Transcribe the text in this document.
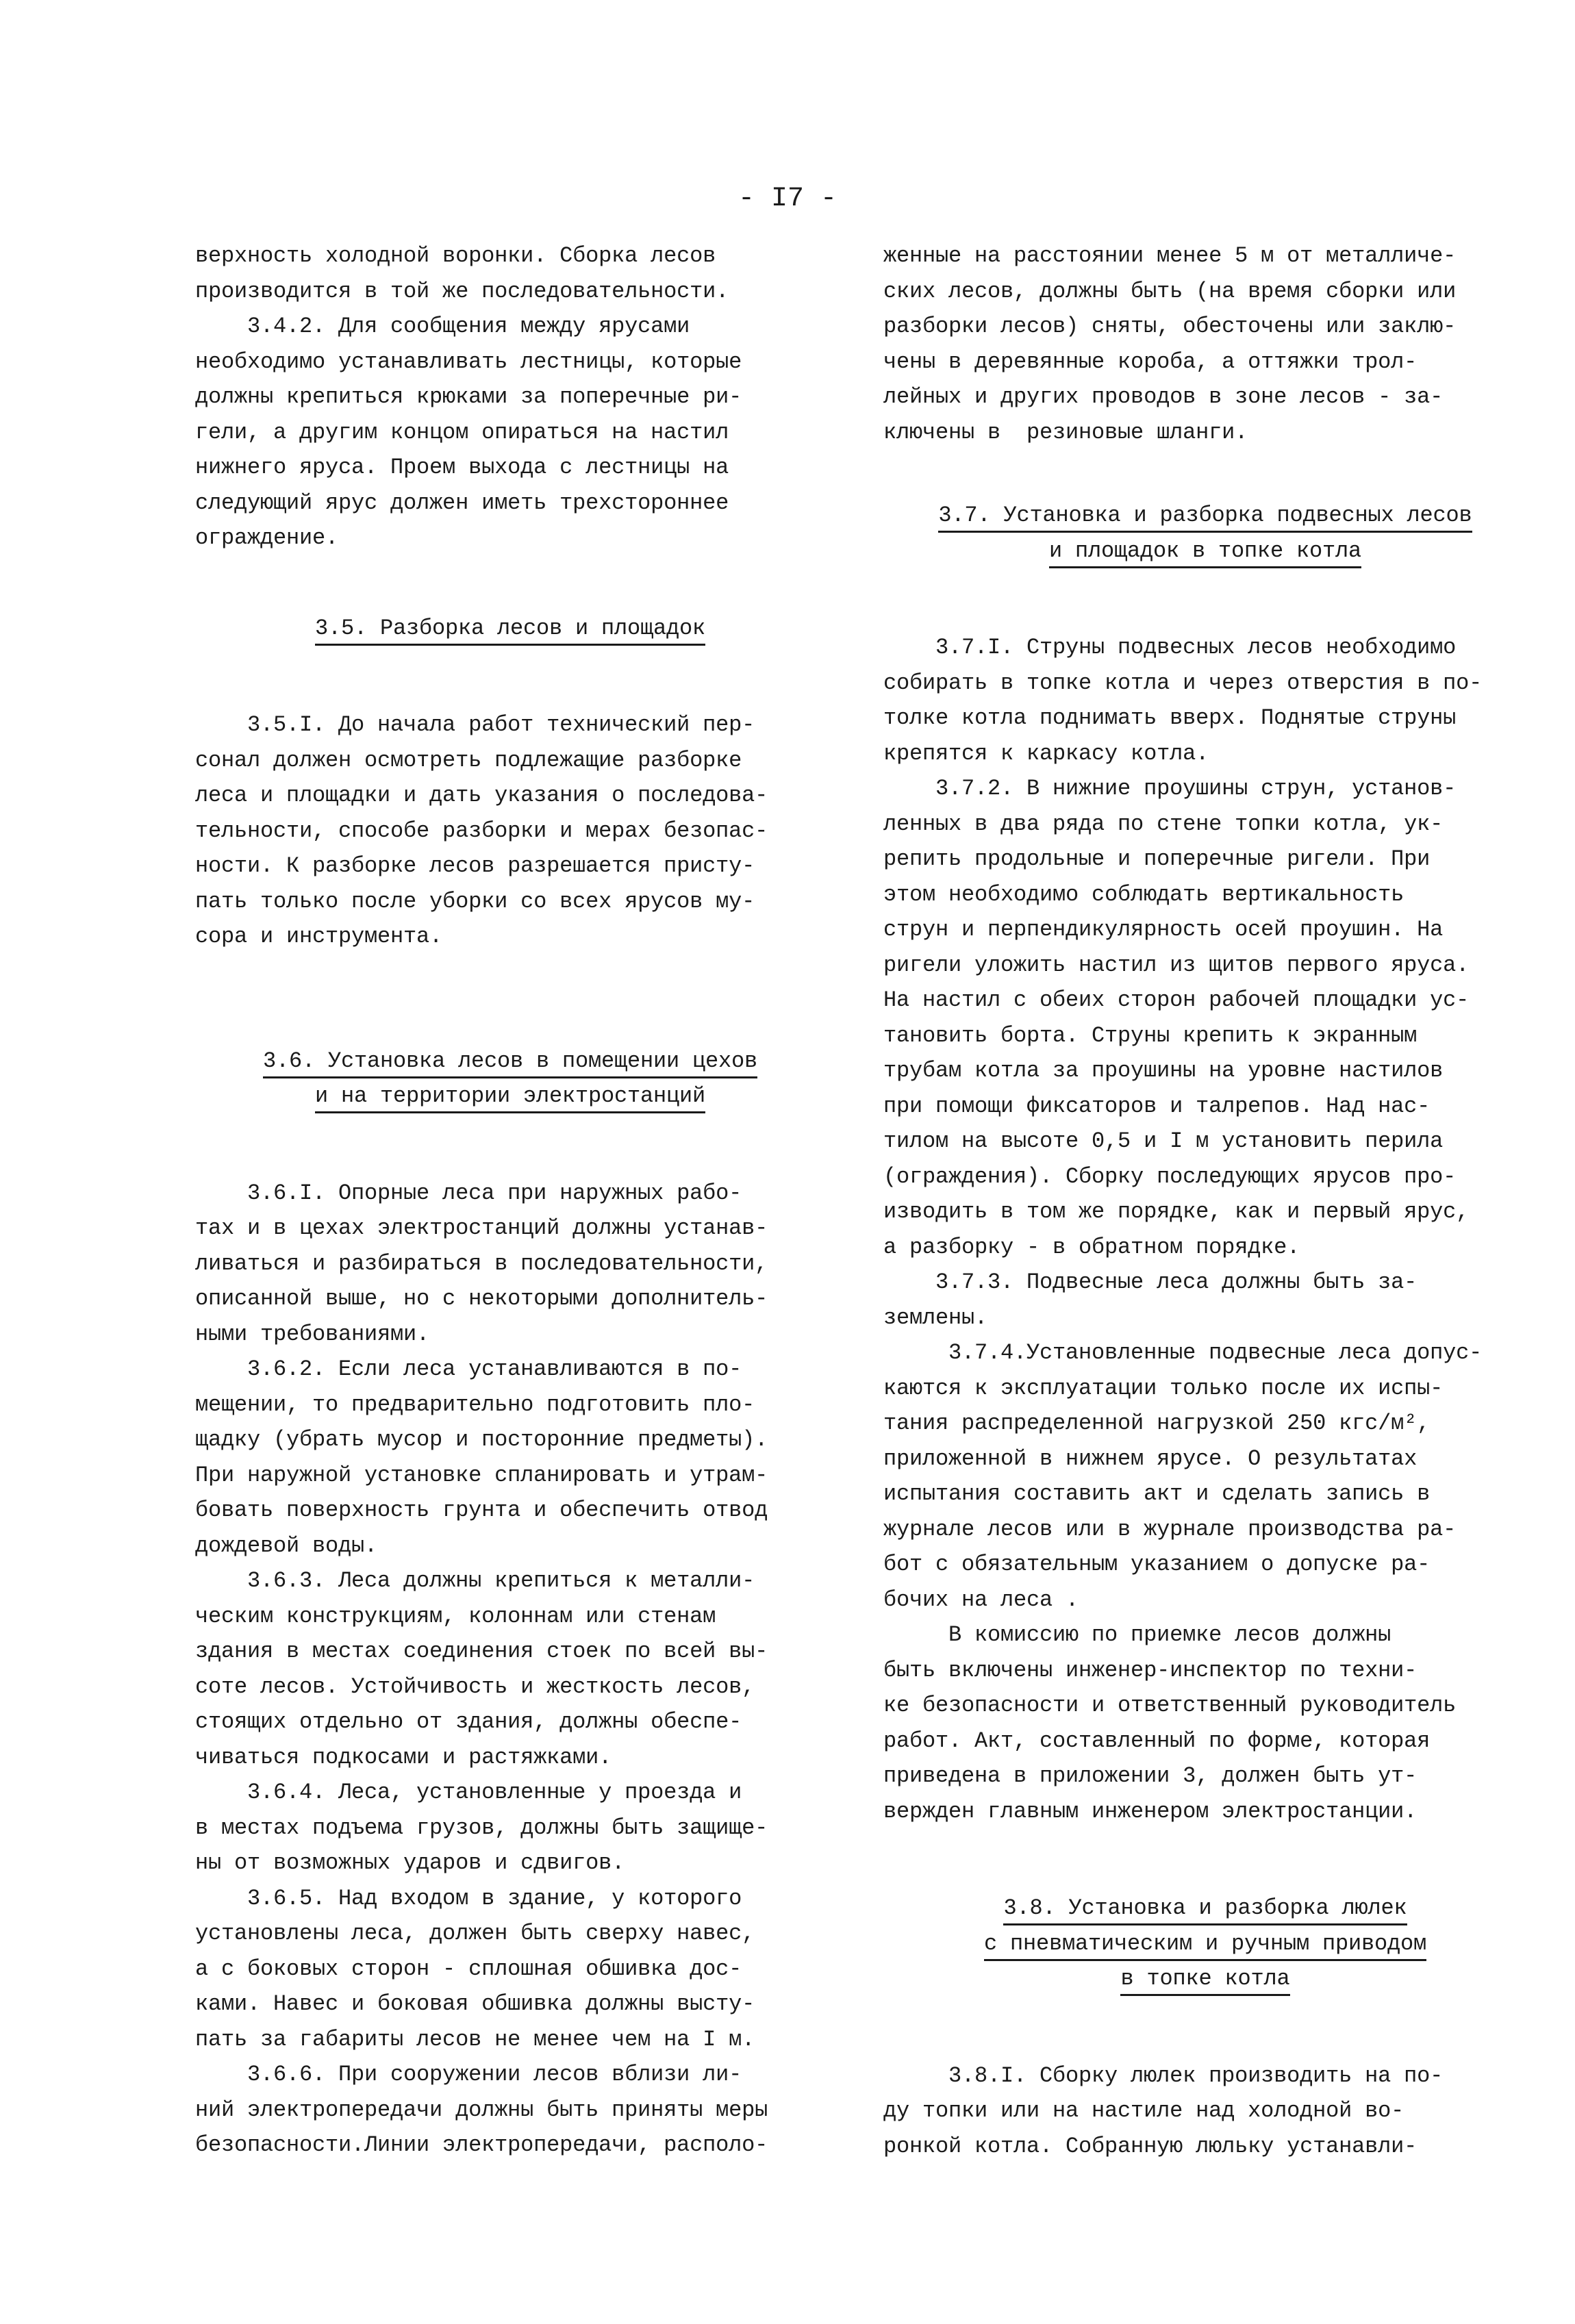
- I7 -
верхность холодной воронки. Сборка лесов
производится в той же последовательности.
3.4.2. Для сообщения между ярусами
необходимо устанавливать лестницы, которые
должны крепиться крюками за поперечные ри-
гели, а другим концом опираться на настил
нижнего яруса. Проем выхода с лестницы на
следующий ярус должен иметь трехстороннее
ограждение.
3.5. Разборка лесов и площадок
3.5.I. До начала работ технический пер-
сонал должен осмотреть подлежащие разборке
леса и площадки и дать указания о последова-
тельности, способе разборки и мерах безопас-
ности. К разборке лесов разрешается присту-
пать только после уборки со всех ярусов му-
сора и инструмента.
3.6. Установка лесов в помещении цехов
и на территории электростанций
3.6.I. Опорные леса при наружных рабо-
тах и в цехах электростанций должны устанав-
ливаться и разбираться в последовательности,
описанной выше, но с некоторыми дополнитель-
ными требованиями.
3.6.2. Если леса устанавливаются в по-
мещении, то предварительно подготовить пло-
щадку (убрать мусор и посторонние предметы).
При наружной установке спланировать и утрам-
бовать поверхность грунта и обеспечить отвод
дождевой воды.
3.6.3. Леса должны крепиться к металли-
ческим конструкциям, колоннам или стенам
здания в местах соединения стоек по всей вы-
соте лесов. Устойчивость и жесткость лесов,
стоящих отдельно от здания, должны обеспе-
чиваться подкосами и растяжками.
3.6.4. Леса, установленные у проезда и
в местах подъема грузов, должны быть защище-
ны от возможных ударов и сдвигов.
3.6.5. Над входом в здание, у которого
установлены леса, должен быть сверху навес,
а с боковых сторон - сплошная обшивка дос-
ками. Навес и боковая обшивка должны высту-
пать за габариты лесов не менее чем на I м.
3.6.6. При сооружении лесов вблизи ли-
ний электропередачи должны быть приняты меры
безопасности.Линии электропередачи, располо-
женные на расстоянии менее 5 м от металличе-
ских лесов, должны быть (на время сборки или
разборки лесов) сняты, обесточены или заклю-
чены в деревянные короба, а оттяжки трол-
лейных и других проводов в зоне лесов - за-
ключены в  резиновые шланги.
3.7. Установка и разборка подвесных лесов
и площадок в топке котла
3.7.I. Струны подвесных лесов необходимо
собирать в топке котла и через отверстия в по-
толке котла поднимать вверх. Поднятые струны
крепятся к каркасу котла.
3.7.2. В нижние проушины струн, установ-
ленных в два ряда по стене топки котла, ук-
репить продольные и поперечные ригели. При
этом необходимо соблюдать вертикальность
струн и перпендикулярность осей проушин. На
ригели уложить настил из щитов первого яруса.
На настил с обеих сторон рабочей площадки ус-
тановить борта. Струны крепить к экранным
трубам котла за проушины на уровне настилов
при помощи фиксаторов и талрепов. Над нас-
тилом на высоте 0,5 и I м установить перила
(ограждения). Сборку последующих ярусов про-
изводить в том же порядке, как и первый ярус,
а разборку - в обратном порядке.
3.7.3. Подвесные леса должны быть за-
землены.
3.7.4.Установленные подвесные леса допус-
каются к эксплуатации только после их испы-
тания распределенной нагрузкой 250 кгс/м²,
приложенной в нижнем ярусе. О результатах
испытания составить акт и сделать запись в
журнале лесов или в журнале производства ра-
бот с обязательным указанием о допуске ра-
бочих на леса .
В комиссию по приемке лесов должны
быть включены инженер-инспектор по техни-
ке безопасности и ответственный руководитель
работ. Акт, составленный по форме, которая
приведена в приложении 3, должен быть ут-
вержден главным инженером электростанции.
3.8. Установка и разборка люлек
с пневматическим и ручным приводом
в топке котла
3.8.I. Сборку люлек производить на по-
ду топки или на настиле над холодной во-
ронкой котла. Собранную люльку устанавли-
